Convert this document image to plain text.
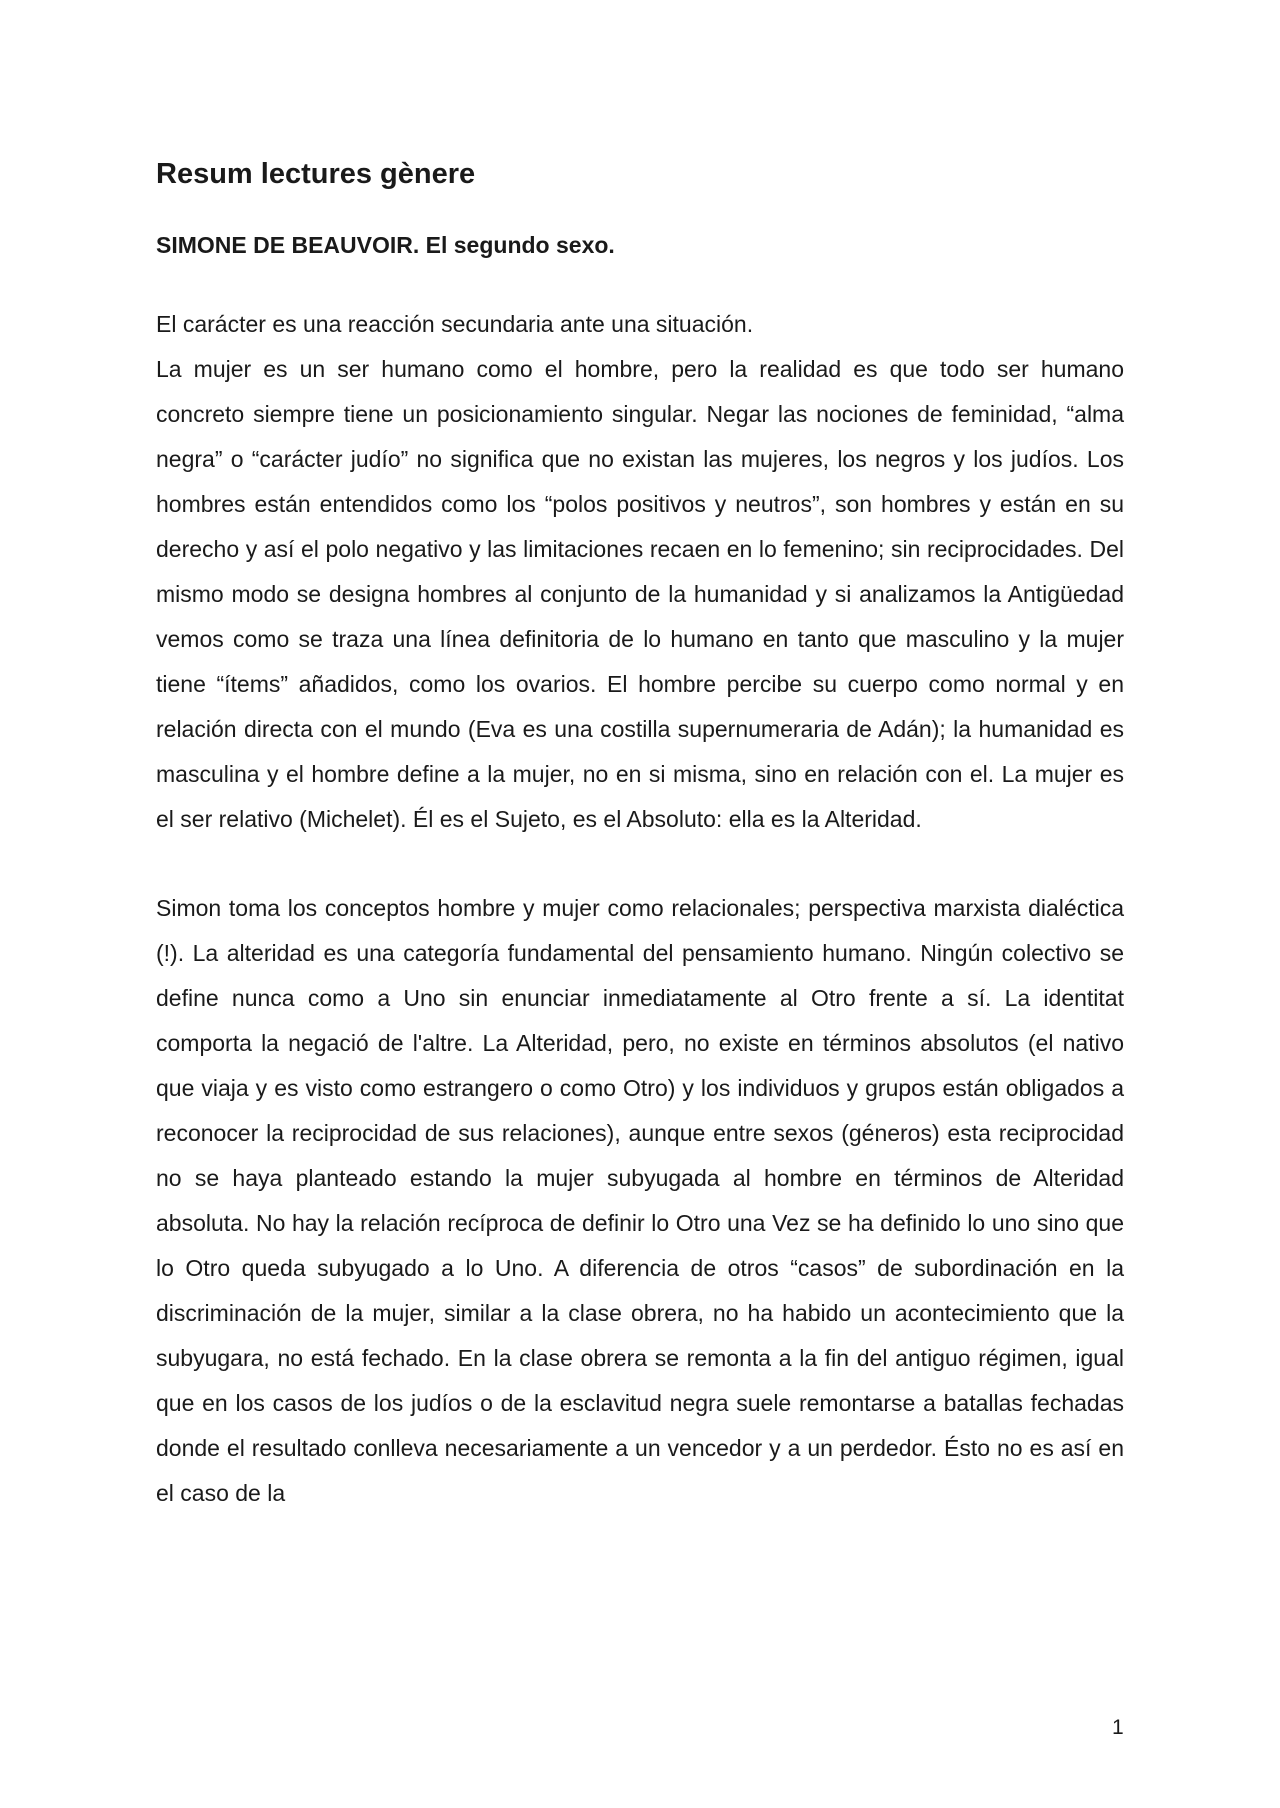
Resum lectures gènere
SIMONE DE BEAUVOIR. El segundo sexo.

El carácter es una reacción secundaria ante una situación.

La mujer es un ser humano como el hombre, pero la realidad es que todo ser humano concreto siempre tiene un posicionamiento singular. Negar las nociones de feminidad, “alma negra” o “carácter judío” no significa que no existan las mujeres, los negros y los judíos. Los hombres están entendidos como los “polos positivos y neutros”, son hombres y están en su derecho y así el polo negativo y las limitaciones recaen en lo femenino; sin reciprocidades. Del mismo modo se designa hombres al conjunto de la humanidad y si analizamos la Antigüedad vemos como se traza una línea definitoria de lo humano en tanto que masculino y la mujer tiene “ítems” añadidos, como los ovarios. El hombre percibe su cuerpo como normal y en relación directa con el mundo (Eva es una costilla supernumeraria de Adán); la humanidad es masculina y el hombre define a la mujer, no en si misma, sino en relación con el. La mujer es el ser relativo (Michelet). Él es el Sujeto, es el Absoluto: ella es la Alteridad.

Simon toma los conceptos hombre y mujer como relacionales; perspectiva marxista dialéctica (!). La alteridad es una categoría fundamental del pensamiento humano. Ningún colectivo se define nunca como a Uno sin enunciar inmediatamente al Otro frente a sí. La identitat comporta la negació de l'altre. La Alteridad, pero, no existe en términos absolutos (el nativo que viaja y es visto como estrangero o como Otro) y los individuos y grupos están obligados a reconocer la reciprocidad de sus relaciones), aunque entre sexos (géneros) esta reciprocidad no se haya planteado estando la mujer subyugada al hombre en términos de Alteridad absoluta. No hay la relación recíproca de definir lo Otro una Vez se ha definido lo uno sino que lo Otro queda subyugado a lo Uno. A diferencia de otros “casos” de subordinación en la discriminación de la mujer, similar a la clase obrera, no ha habido un acontecimiento que la subyugara, no está fechado. En la clase obrera se remonta a la fin del antiguo régimen, igual que en los casos de los judíos o de la esclavitud negra suele remontarse a batallas fechadas donde el resultado conlleva necesariamente a un vencedor y a un perdedor. Ésto no es así en el caso de la

1
